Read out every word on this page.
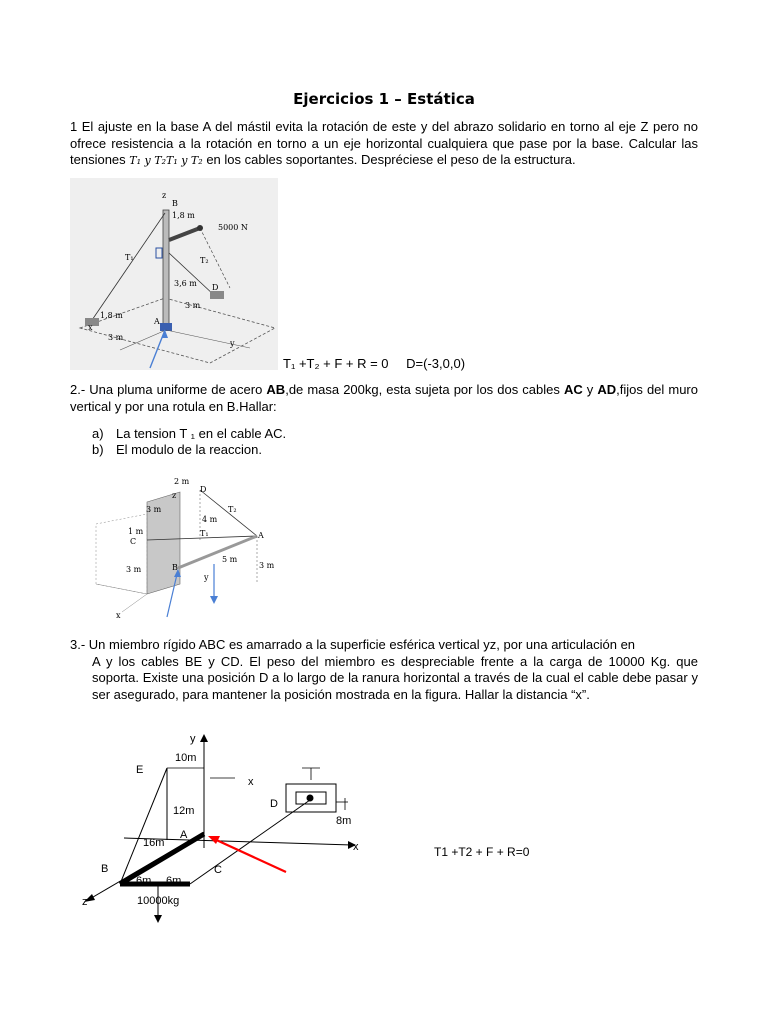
Ejercicios 1 – Estática
1 El ajuste en la base A del mástil evita la rotación de este y del abrazo solidario en torno al eje Z pero no ofrece resistencia a la rotación en torno a un eje horizontal cualquiera que pase por la base. Calcular las tensiones T₁ y T₂T₁ y T₂ en los cables soportantes. Despréciese el peso de la estructura.
B
1,8 m
5000 N
T₁	T₂
3,6 m D
A
3 m
3 m
1,8 m
x
y
z
T₁ +T₂ + F + R = 0 D=(-3,0,0)
2.- Una pluma uniforme de acero AB,de masa 200kg, esta sujeta por los dos cables AC y AD,fijos del muro vertical y por una rotula en B.Hallar:
a) La tension T ₁ en el cable AC.
b) El modulo de la reaccion.
2 m
D
z
3 m
4 m
T₂
1 m
C
T₁	A
5 m
3 m	3 m
B
y
x
3.- Un miembro rígido ABC es amarrado a la superficie esférica vertical yz, por una articulación en
A y los cables BE y CD. El peso del miembro es despreciable frente a la carga de 10000 Kg. que soporta. Existe una posición D a lo largo de la ranura horizontal a través de la cual el cable debe pasar y ser asegurado, para mantener la posición mostrada en la figura. Hallar la distancia “x”.
y
E
10m
x
D
12m
8m
A
x
16m
B	C
6m 6m
z	10000kg
T1 +T2 + F + R=0
